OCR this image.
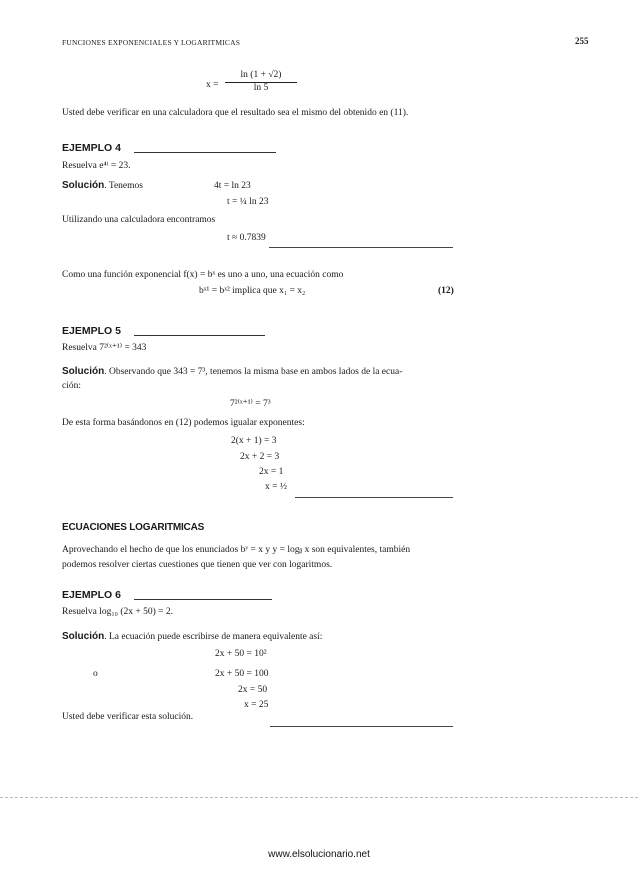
FUNCIONES EXPONENCIALES Y LOGARITMICAS	255
$x = \frac{\ln (1 + √2)}{\ln 5}$
Usted debe verificar en una calculadora que el resultado sea el mismo del obtenido en (11).
EJEMPLO 4
Resuelva e⁴ᵗ = 23.
Solución. Tenemos	4t = ln 23
t = ¼ ln 23
Utilizando una calculadora encontramos
t ≈ 0.7839
Como una función exponencial f(x) = bˣ es uno a uno, una ecuación como
bˣ¹ = bˣ² implica que x₁ = x₂	(12)
EJEMPLO 5
Resuelva 7²⁽ˣ⁺¹⁾ = 343
Solución. Observando que 343 = 7³, tenemos la misma base en ambos lados de la ecua-
ción:
7²⁽ˣ⁺¹⁾ = 7³
De esta forma basándonos en (12) podemos igualar exponentes:
2(x + 1) = 3
2x + 2 = 3
2x = 1
x = ½
ECUACIONES LOGARITMICAS
Aprovechando el hecho de que los enunciados bʸ = x y y = logᵦ x son equivalentes, también
podemos resolver ciertas cuestiones que tienen que ver con logaritmos.
EJEMPLO 6
Resuelva log₁₀ (2x + 50) = 2.
Solución. La ecuación puede escribirse de manera equivalente así:
2x + 50 = 10²
o	2x + 50 = 100
2x = 50
x = 25
Usted debe verificar esta solución.
www.elsolucionario.net
